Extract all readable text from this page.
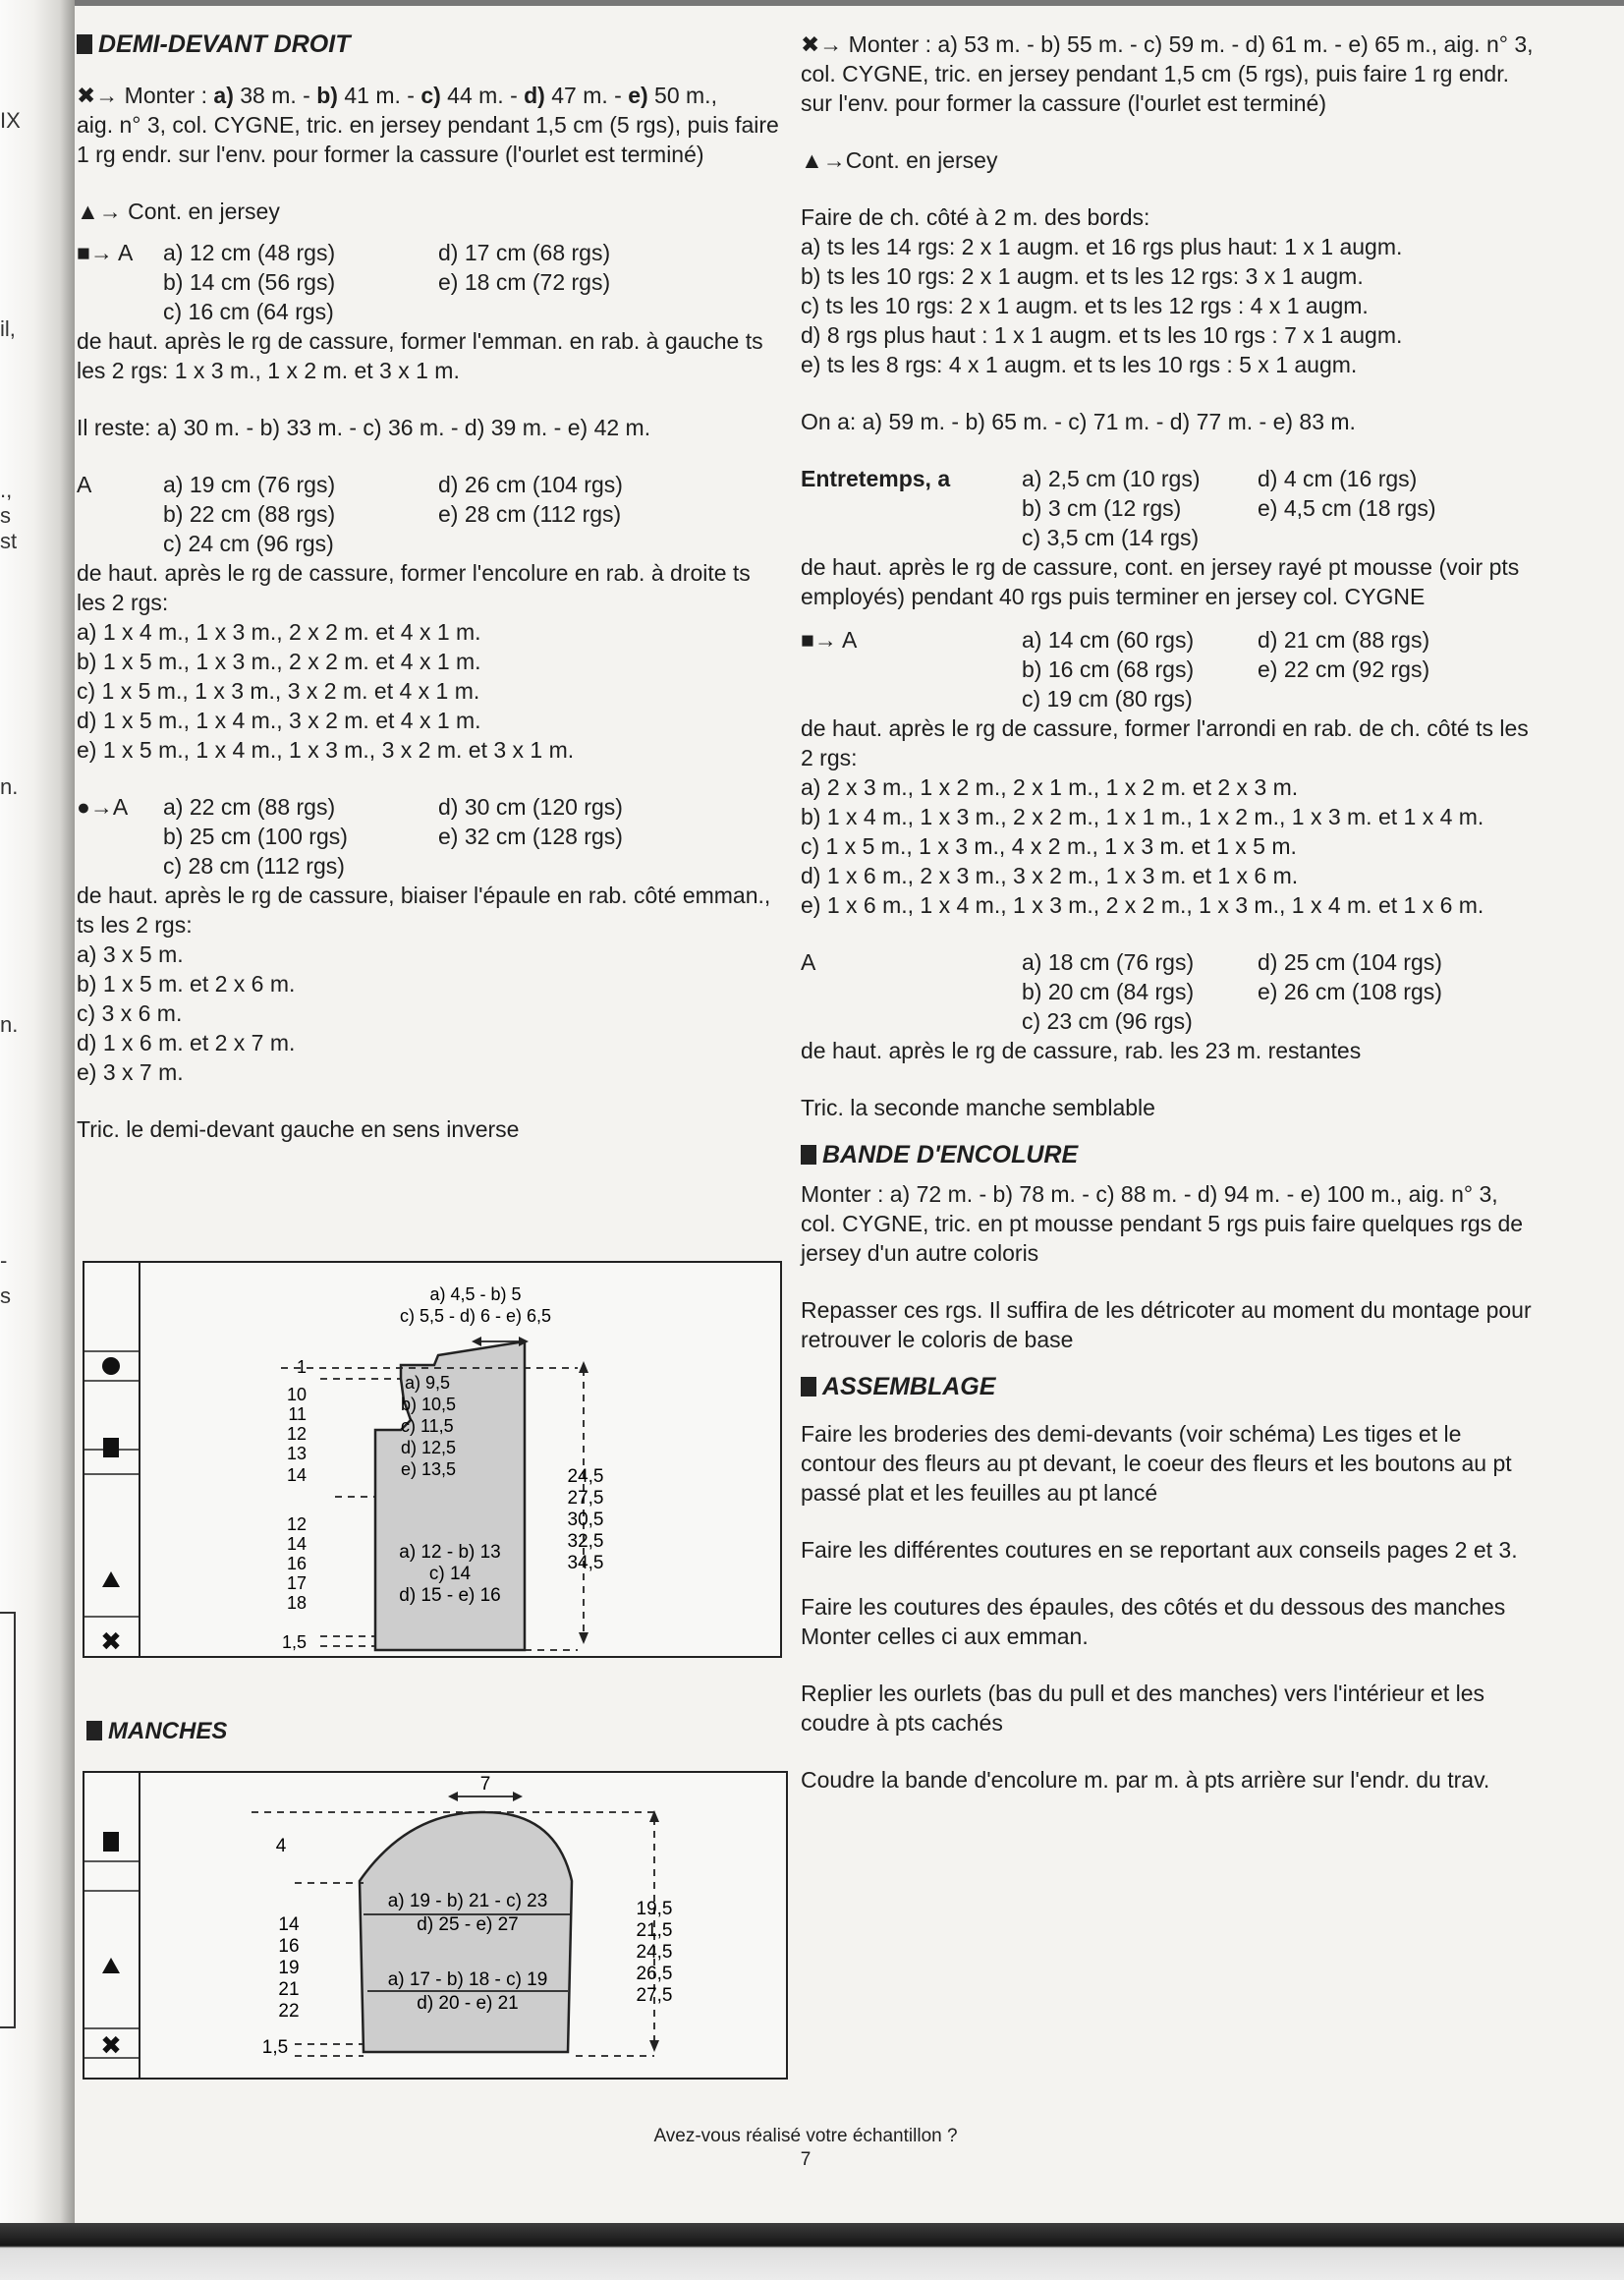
IX
il,
.,
s
st
n.
n.
-
s

DEMI-DEVANT DROIT

✖→ Monter : a) 38 m. - b) 41 m. - c) 44 m. - d) 47 m. - e) 50 m.,

aig. n° 3, col. CYGNE, tric. en jersey pendant 1,5 cm (5 rgs), puis faire 1 rg endr. sur l'env. pour former la cassure (l'ourlet est terminé)

▲→ Cont. en jersey

■→ A	a) 12 cm (48 rgs)	d) 17 cm (68 rgs)
b) 14 cm (56 rgs)	e) 18 cm (72 rgs)
c) 16 cm (64 rgs)

de haut. après le rg de cassure, former l'emman. en rab. à gauche ts les 2 rgs: 1 x 3 m., 1 x 2 m. et 3 x 1 m.

Il reste: a) 30 m. - b) 33 m. - c) 36 m. - d) 39 m. - e) 42 m.

A	a) 19 cm (76 rgs)	d) 26 cm (104 rgs)
b) 22 cm (88 rgs)	e) 28 cm (112 rgs)
c) 24 cm (96 rgs)

de haut. après le rg de cassure, former l'encolure en rab. à droite ts les 2 rgs:

a) 1 x 4 m., 1 x 3 m., 2 x 2 m. et 4 x 1 m.

b) 1 x 5 m., 1 x 3 m., 2 x 2 m. et 4 x 1 m.

c) 1 x 5 m., 1 x 3 m., 3 x 2 m. et 4 x 1 m.

d) 1 x 5 m., 1 x 4 m., 3 x 2 m. et 4 x 1 m.

e) 1 x 5 m., 1 x 4 m., 1 x 3 m., 3 x 2 m. et 3 x 1 m.

●→A	a) 22 cm (88 rgs)	d) 30 cm (120 rgs)
b) 25 cm (100 rgs)	e) 32 cm (128 rgs)
c) 28 cm (112 rgs)

de haut. après le rg de cassure, biaiser l'épaule en rab. côté emman., ts les 2 rgs:

a) 3 x 5 m.

b) 1 x 5 m. et 2 x 6 m.

c) 3 x 6 m.

d) 1 x 6 m. et 2 x 7 m.

e) 3 x 7 m.

Tric. le demi-devant gauche en sens inverse

✖
a) 4,5 - b) 5
c) 5,5 - d) 6 - e) 6,5
1
10
11
12
13
14
12
14
16
17
18
1,5
a) 9,5
b) 10,5
c) 11,5
d) 12,5
e) 13,5
a) 12 - b) 13
c) 14
d) 15 - e) 16
24,5
27,5
30,5
32,5
34,5

MANCHES

✖
7
4
14
16
19
21
22
1,5
a) 19 - b) 21 - c) 23
d) 25 - e) 27
a) 17 - b) 18 - c) 19
d) 20 - e) 21
19,5
21,5
24,5
26,5
27,5

✖→ Monter : a) 53 m. - b) 55 m. - c) 59 m. - d) 61 m. - e) 65 m., aig. n° 3, col. CYGNE, tric. en jersey pendant 1,5 cm (5 rgs), puis faire 1 rg endr. sur l'env. pour former la cassure (l'ourlet est terminé)

▲→Cont. en jersey

Faire de ch. côté à 2 m. des bords:

a) ts les 14 rgs: 2 x 1 augm. et 16 rgs plus haut: 1 x 1 augm.

b) ts les 10 rgs: 2 x 1 augm. et ts les 12 rgs: 3 x 1 augm.

c) ts les 10 rgs: 2 x 1 augm. et ts les 12 rgs : 4 x 1 augm.

d) 8 rgs plus haut : 1 x 1 augm. et ts les 10 rgs : 7 x 1 augm.

e) ts les 8 rgs: 4 x 1 augm. et ts les 10 rgs : 5 x 1 augm.

On a: a) 59 m. - b) 65 m. - c) 71 m. - d) 77 m. - e) 83 m.

Entretemps, a	a) 2,5 cm (10 rgs)	d) 4 cm (16 rgs)
b) 3 cm (12 rgs)	e) 4,5 cm (18 rgs)
c) 3,5 cm (14 rgs)

de haut. après le rg de cassure, cont. en jersey rayé pt mousse (voir pts employés) pendant 40 rgs puis terminer en jersey col. CYGNE

■→ A	a) 14 cm (60 rgs)	d) 21 cm (88 rgs)
b) 16 cm (68 rgs)	e) 22 cm (92 rgs)
c) 19 cm (80 rgs)

de haut. après le rg de cassure, former l'arrondi en rab. de ch. côté ts les 2 rgs:

a) 2 x 3 m., 1 x 2 m., 2 x 1 m., 1 x 2 m. et 2 x 3 m.

b) 1 x 4 m., 1 x 3 m., 2 x 2 m., 1 x 1 m., 1 x 2 m., 1 x 3 m. et 1 x 4 m.

c) 1 x 5 m., 1 x 3 m., 4 x 2 m., 1 x 3 m. et 1 x 5 m.

d) 1 x 6 m., 2 x 3 m., 3 x 2 m., 1 x 3 m. et 1 x 6 m.

e) 1 x 6 m., 1 x 4 m., 1 x 3 m., 2 x 2 m., 1 x 3 m., 1 x 4 m. et 1 x 6 m.

A	a) 18 cm (76 rgs)	d) 25 cm (104 rgs)
b) 20 cm (84 rgs)	e) 26 cm (108 rgs)
c) 23 cm (96 rgs)

de haut. après le rg de cassure, rab. les 23 m. restantes

Tric. la seconde manche semblable

BANDE D'ENCOLURE

Monter : a) 72 m. - b) 78 m. - c) 88 m. - d) 94 m. - e) 100 m., aig. n° 3, col. CYGNE, tric. en pt mousse pendant 5 rgs puis faire quelques rgs de jersey d'un autre coloris

Repasser ces rgs. Il suffira de les détricoter au moment du montage pour retrouver le coloris de base

ASSEMBLAGE

Faire les broderies des demi-devants (voir schéma) Les tiges et le contour des fleurs au pt devant, le coeur des fleurs et les boutons au pt passé plat et les feuilles au pt lancé

Faire les différentes coutures en se reportant aux conseils pages 2 et 3.

Faire les coutures des épaules, des côtés et du dessous des manches

Monter celles ci aux emman.

Replier les ourlets (bas du pull et des manches) vers l'intérieur et les coudre à pts cachés

Coudre la bande d'encolure m. par m. à pts arrière sur l'endr. du trav.

Avez-vous réalisé votre échantillon ?
7
